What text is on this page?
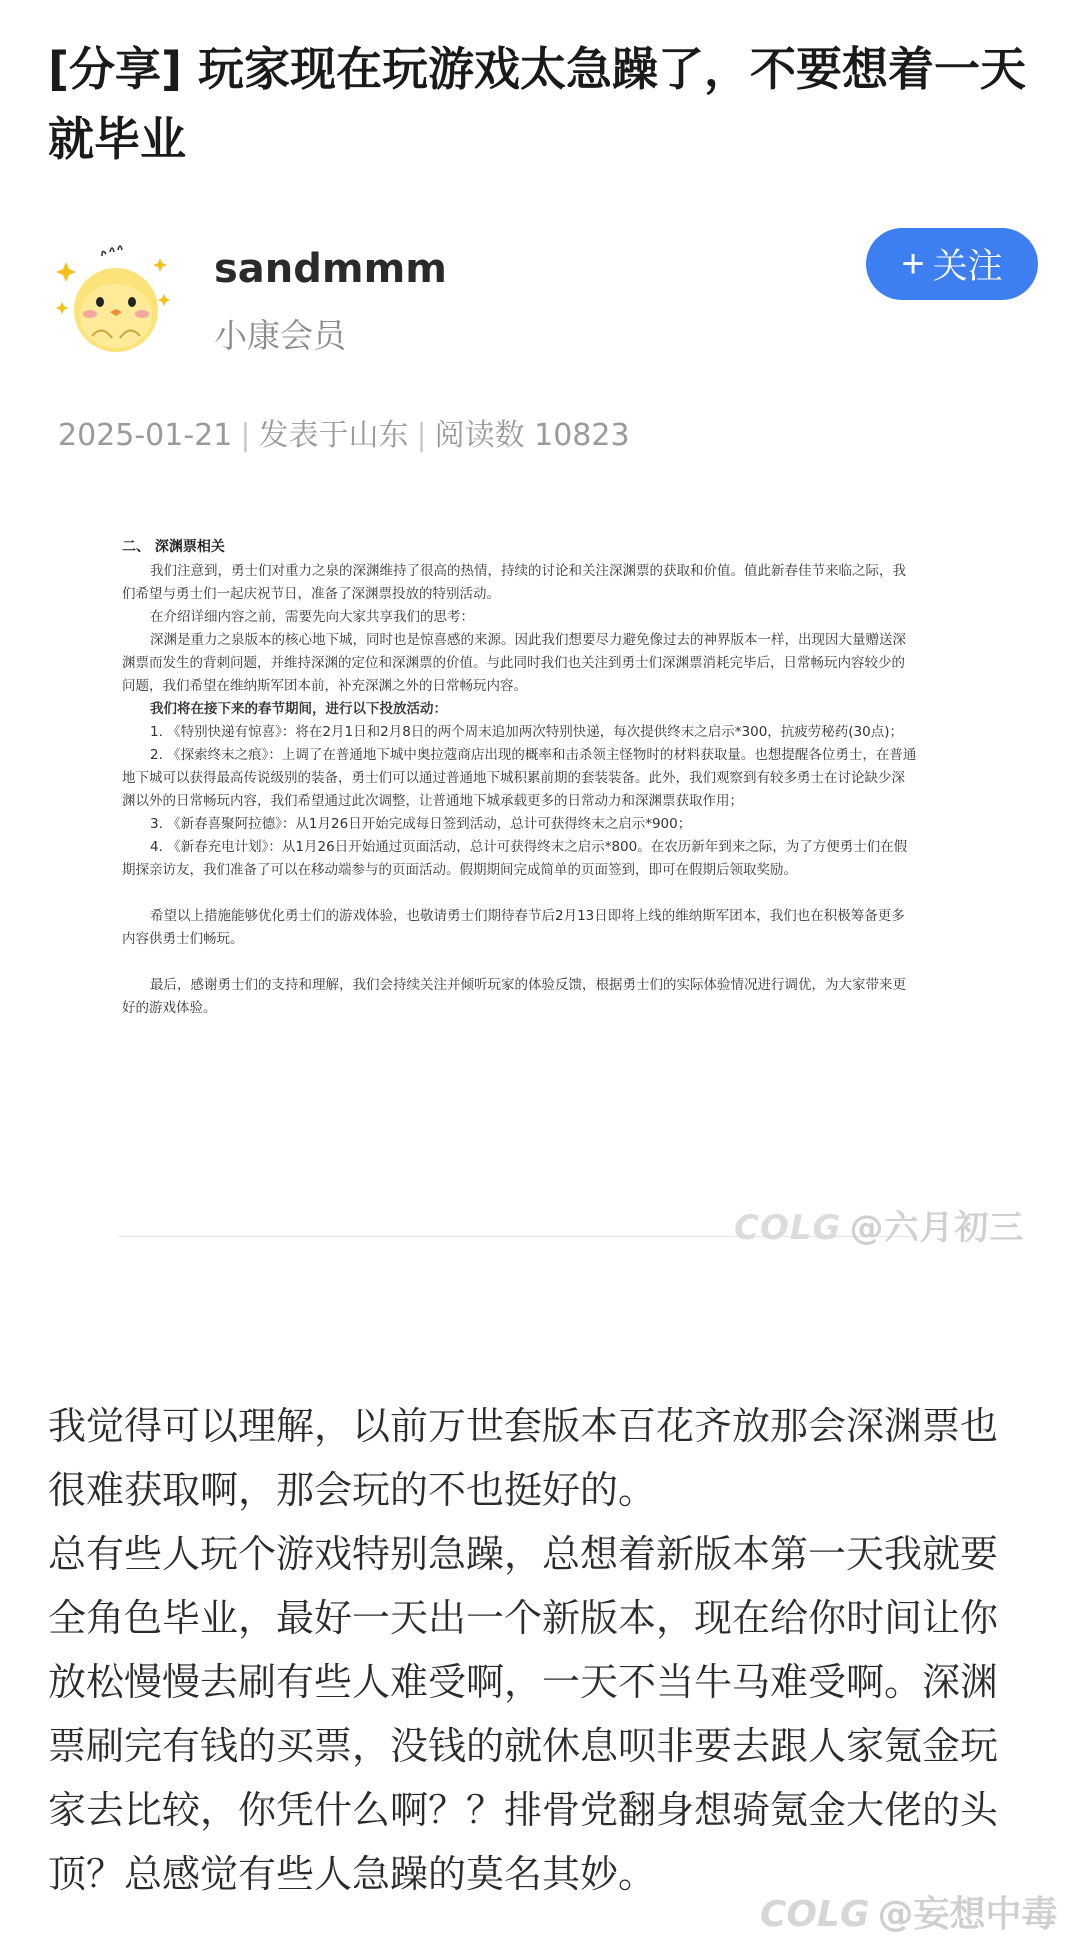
[分享] 玩家现在玩游戏太急躁了，不要想着一天就毕业
sandmmm
小康会员
+ 关注
2025-01-21 | 发表于山东 | 阅读数 10823
二、 深渊票相关

我们注意到，勇士们对重力之泉的深渊维持了很高的热情，持续的讨论和关注深渊票的获取和价值。值此新春佳节来临之际，我们希望与勇士们一起庆祝节日，准备了深渊票投放的特别活动。

在介绍详细内容之前，需要先向大家共享我们的思考：

深渊是重力之泉版本的核心地下城，同时也是惊喜感的来源。因此我们想要尽力避免像过去的神界版本一样，出现因大量赠送深渊票而发生的背刺问题，并维持深渊的定位和深渊票的价值。与此同时我们也关注到勇士们深渊票消耗完毕后，日常畅玩内容较少的问题，我们希望在维纳斯军团本前，补充深渊之外的日常畅玩内容。

我们将在接下来的春节期间，进行以下投放活动：

1. 《特别快递有惊喜》：将在2月1日和2月8日的两个周末追加两次特别快递，每次提供终末之启示*300，抗疲劳秘药(30点)；

2. 《探索终末之痕》：上调了在普通地下城中奥拉蔻商店出现的概率和击杀领主怪物时的材料获取量。也想提醒各位勇士，在普通地下城可以获得最高传说级别的装备，勇士们可以通过普通地下城积累前期的套装装备。此外，我们观察到有较多勇士在讨论缺少深渊以外的日常畅玩内容，我们希望通过此次调整，让普通地下城承载更多的日常动力和深渊票获取作用；

3. 《新春喜聚阿拉德》：从1月26日开始完成每日签到活动，总计可获得终末之启示*900；

4. 《新春充电计划》：从1月26日开始通过页面活动，总计可获得终末之启示*800。在农历新年到来之际，为了方便勇士们在假期探亲访友，我们准备了可以在移动端参与的页面活动。假期期间完成简单的页面签到，即可在假期后领取奖励。

希望以上措施能够优化勇士们的游戏体验，也敬请勇士们期待春节后2月13日即将上线的维纳斯军团本，我们也在积极筹备更多内容供勇士们畅玩。

最后，感谢勇士们的支持和理解，我们会持续关注并倾听玩家的体验反馈，根据勇士们的实际体验情况进行调优，为大家带来更好的游戏体验。

COLG @六月初三

我觉得可以理解，以前万世套版本百花齐放那会深渊票也很难获取啊，那会玩的不也挺好的。

总有些人玩个游戏特别急躁，总想着新版本第一天我就要全角色毕业，最好一天出一个新版本，现在给你时间让你放松慢慢去刷有些人难受啊，一天不当牛马难受啊。深渊票刷完有钱的买票，没钱的就休息呗非要去跟人家氪金玩家去比较，你凭什么啊？？排骨党翻身想骑氪金大佬的头顶？总感觉有些人急躁的莫名其妙。

COLG @妄想中毒
